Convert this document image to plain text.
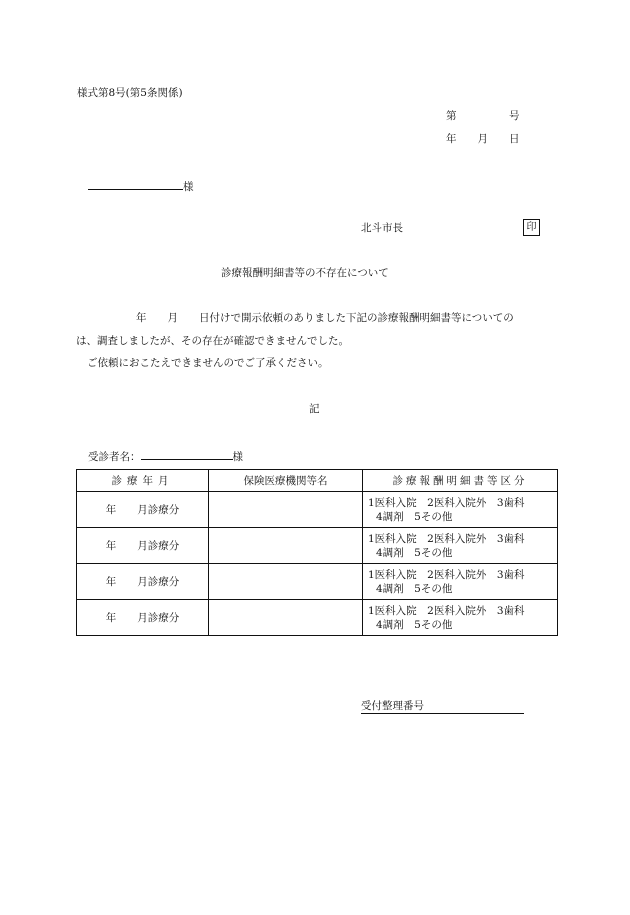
様式第8号(第5条関係)
第　　　　　号
年　　月　　日
様
北斗市長	印
診療報酬明細書等の不存在について
年　　月　　日付けで開示依頼のありました下記の診療報酬明細書等についての
は、調査しましたが、その存在が確認できませんでした。
ご依頼におこたえできませんのでご了承ください。
記
受診者名：	様
診療年月	保険医療機関等名	診療報酬明細書等区分
年　　月診療分		1医科入院　2医科入院外　3歯科
4調剤　5その他

年　　月診療分		1医科入院　2医科入院外　3歯科
4調剤　5その他

年　　月診療分		1医科入院　2医科入院外　3歯科
4調剤　5その他

年　　月診療分		1医科入院　2医科入院外　3歯科
4調剤　5その他
受付整理番号
